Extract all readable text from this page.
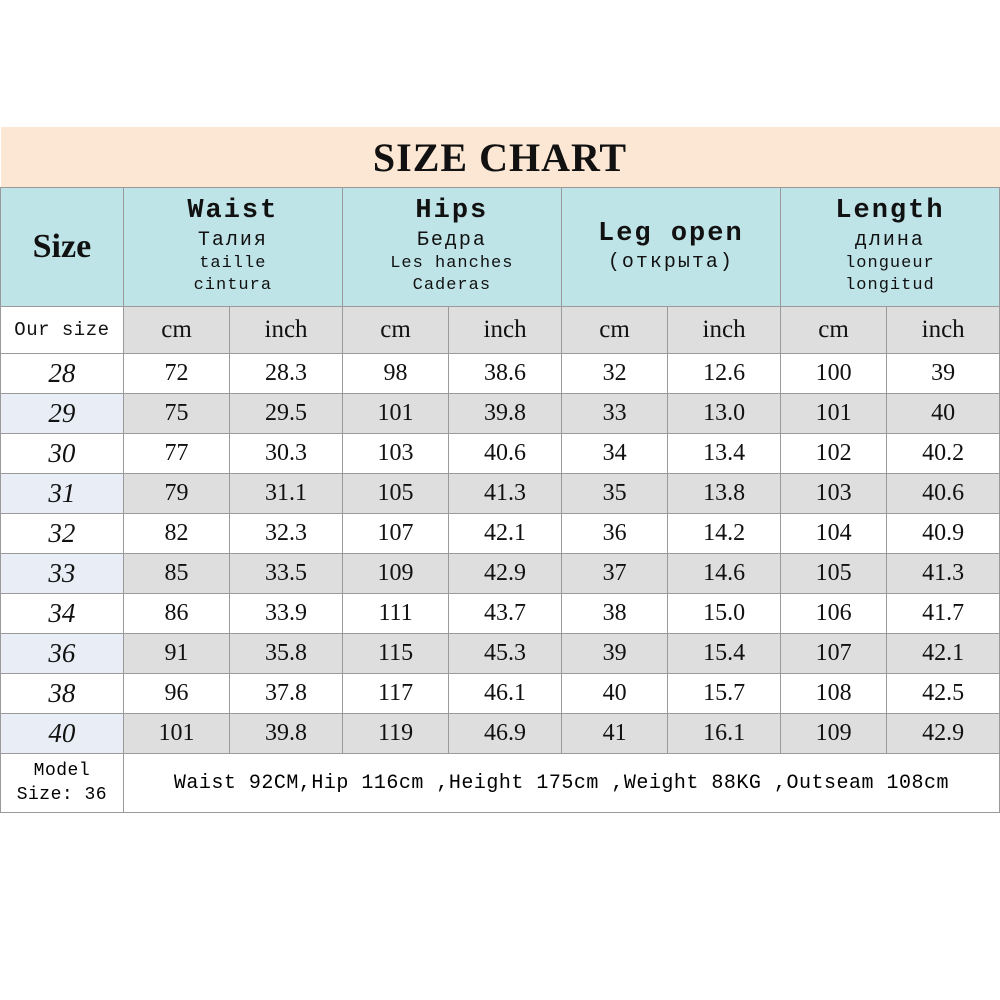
SIZE CHART								
Size	
Waist
Талия
taille
cintura

Hips
Бедра
Les hanches
Caderas

Leg open
(открыта)

Length
длина
longueur
longitud

Our size	cm	inch	cm	inch	cm	inch	cm	inch
28	72	28.3	98	38.6	32	12.6	100	39
29	75	29.5	101	39.8	33	13.0	101	40
30	77	30.3	103	40.6	34	13.4	102	40.2
31	79	31.1	105	41.3	35	13.8	103	40.6
32	82	32.3	107	42.1	36	14.2	104	40.9
33	85	33.5	109	42.9	37	14.6	105	41.3
34	86	33.9	111	43.7	38	15.0	106	41.7
36	91	35.8	115	45.3	39	15.4	107	42.1
38	96	37.8	117	46.1	40	15.7	108	42.5
40	101	39.8	119	46.9	41	16.1	109	42.9

Model
Size: 36	Waist 92CM,Hip 116cm ,Height 175cm ,Weight 88KG ,Outseam 108cm							
